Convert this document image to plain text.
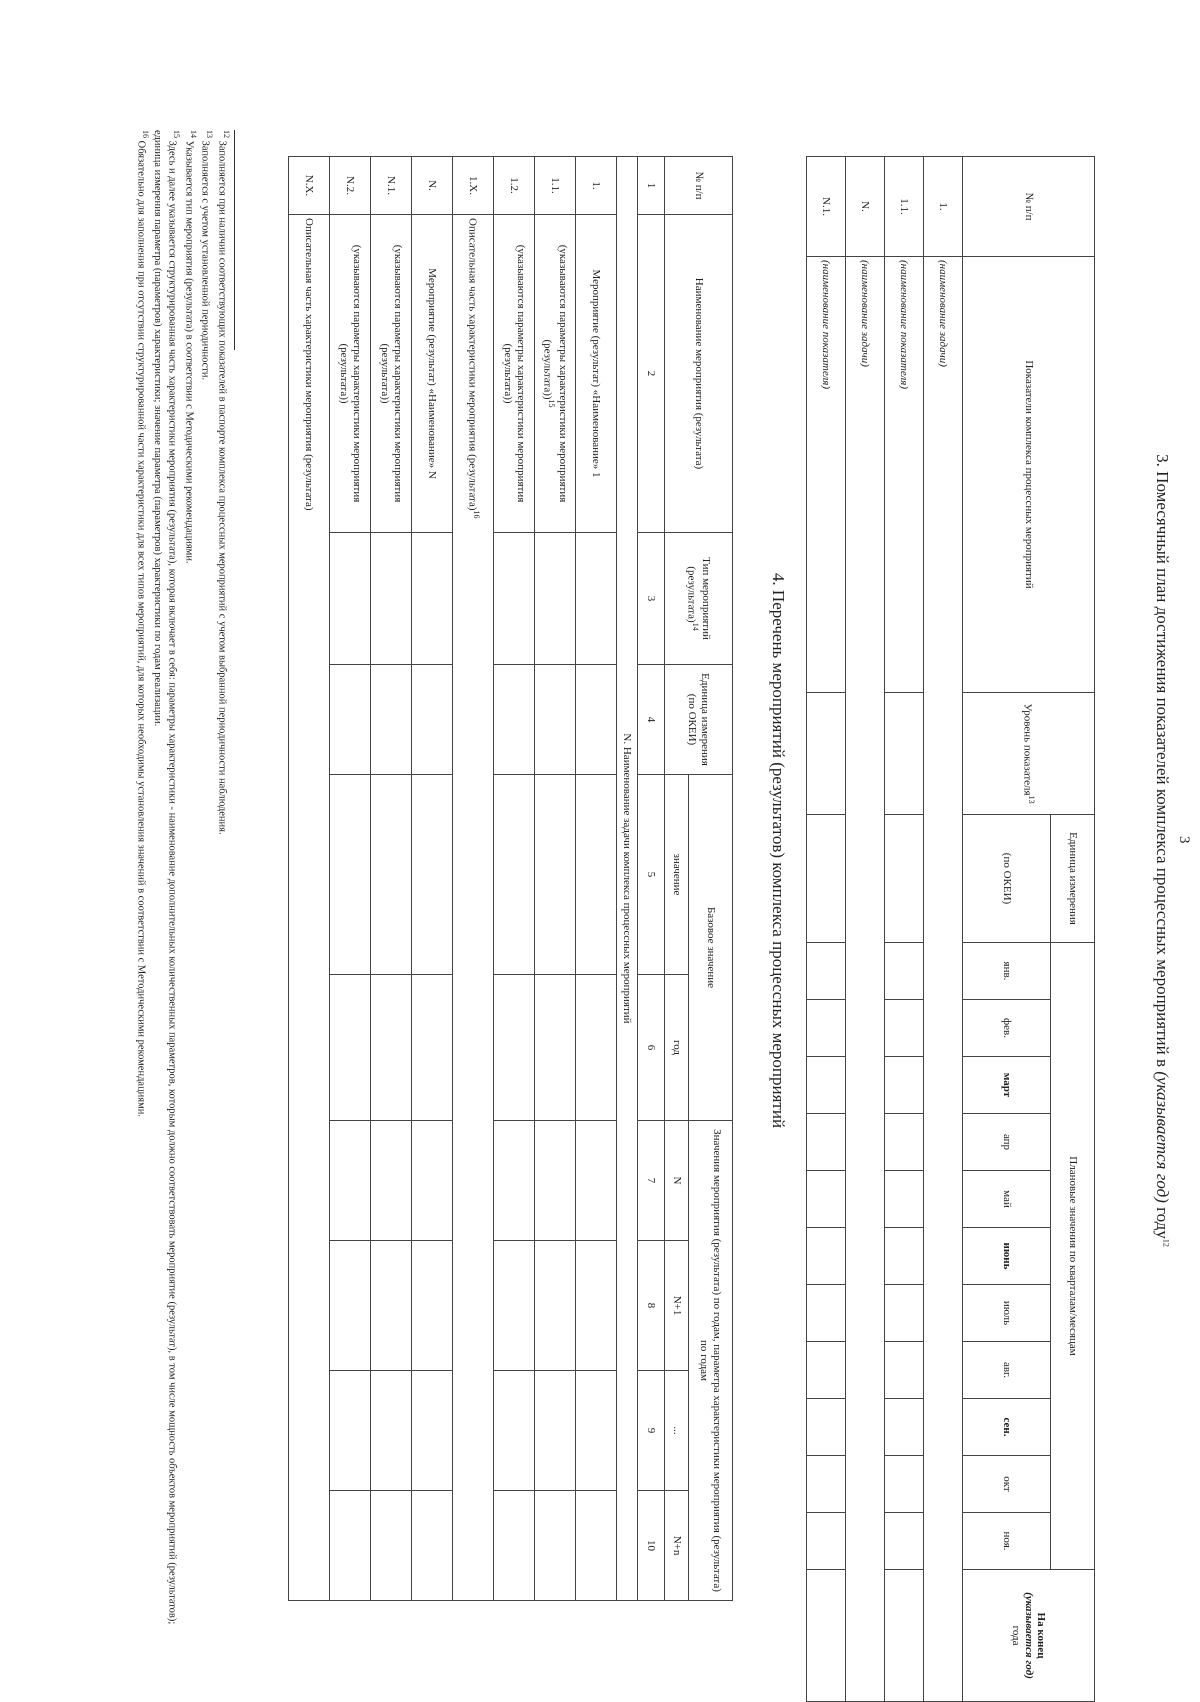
3
3. Помесячный план достижения показателей комплекса процессных мероприятий в (указывается год) году$^{12}$
№ п/п	Показатели комплекса процессных мероприятий	Уровень показателя$^{13}$	Единица измерения	Плановые значения по кварталам/месяцам											На конец
(указывается год)
года
			(по ОКЕИ)	янв.	фев.	март	апр	май	июнь	июль	авг.	сен.	окт	ноя.	
1.	(наименование задачи)														
1.1.	(наименование показателя)														
N.	(наименование задачи)														
N.1.	(наименование показателя)														
4. Перечень мероприятий (результатов) комплекса процессных мероприятий
№ п/п	Наименование мероприятия (результата)	Тип мероприятий (результата)$^{14}$	Единица измерения (по ОКЕИ)	Базовое значение		Значения мероприятия (результата) по годам, параметра характеристики мероприятия (результата) по годам			
				значение	год	N	N+1	...	N+n
1	2	3	4	5	6	7	8	9	10
N. Наименование задачи комплекса процессных мероприятий									
1.	Мероприятие (результат) «Наименование» 1								
1.1.	(указываются параметры характеристики мероприятия (результата))$^{15}$								
1.2.	(указываются параметры характеристики мероприятия (результата))								
1.X.	Описательная часть характеристики мероприятия (результата)$^{16}$
N.	Мероприятие (результат) «Наименование» N								
N.1.	(указываются параметры характеристики мероприятия (результата))								
N.2.	(указываются параметры характеристики мероприятия (результата))								
N.X.	Описательная часть характеристики мероприятия (результата)								

$^{12}$ Заполняется при наличии соответствующих показателей в паспорте комплекса процессных мероприятий с учетом выбранной периодичности наблюдения.

$^{13}$ Заполняется с учетом установленной периодичности.

$^{14}$ Указывается тип мероприятия (результата) в соответствии с Методическими рекомендациями.

$^{15}$ Здесь и далее указывается структурированная часть характеристики мероприятия (результата), которая включает в себя: параметры характеристики - наименование дополнительных количественных параметров, которым должно соответствовать мероприятие (результат), в том числе мощность объектов мероприятий (результатов); единица измерения параметра (параметров) характеристики; значение параметра (параметров) характеристики по годам реализации.

$^{16}$ Обязательно для заполнения при отсутствии структурированной части характеристики для всех типов мероприятий, для которых необходимы установления значений в соответствии с Методическими рекомендациями.
